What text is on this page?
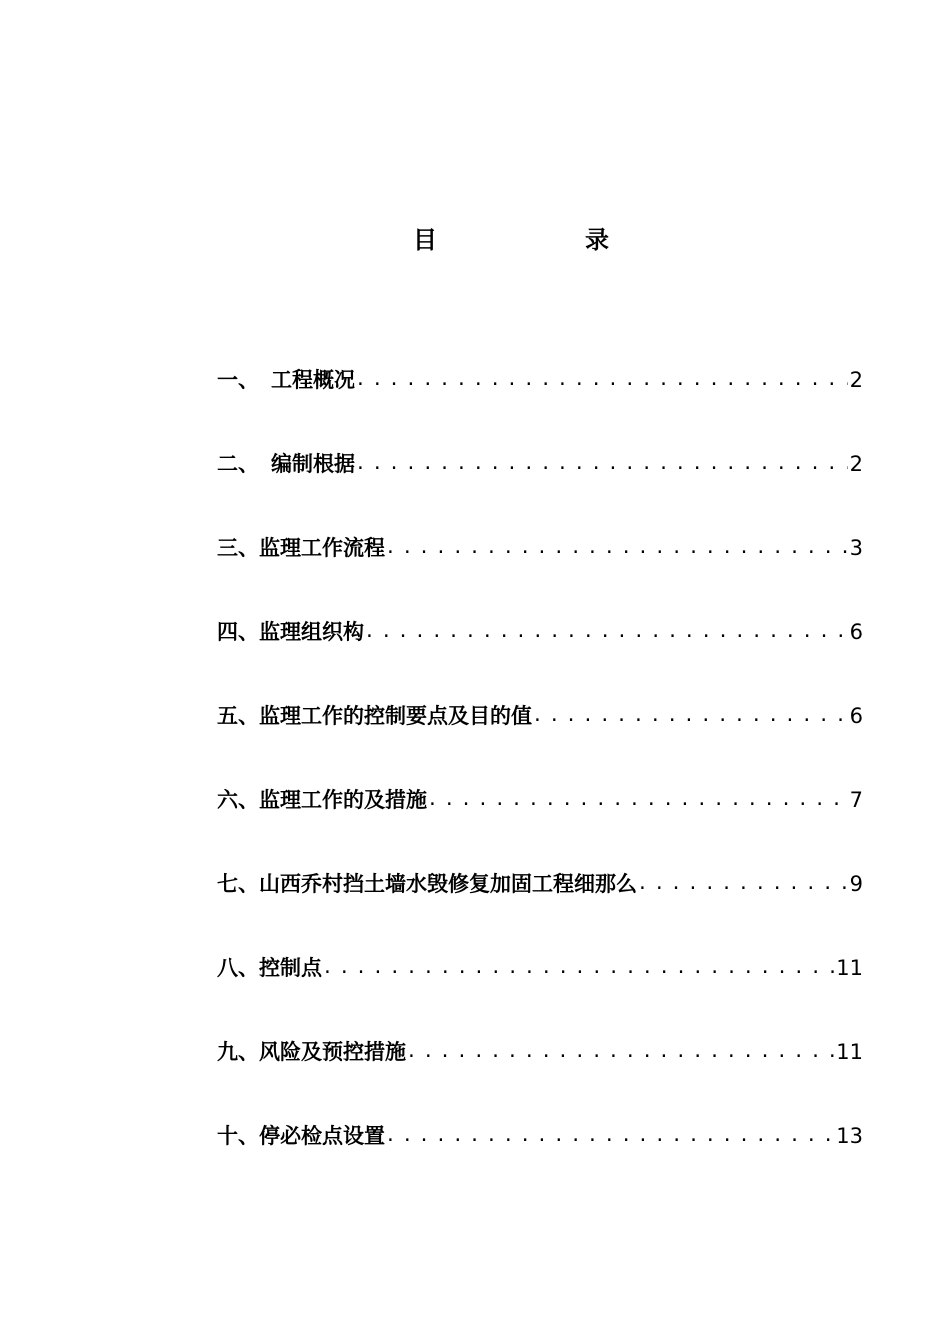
目	录
一、 工程概况 .....	2
二、 编制根据 .....	2
三、 监理工作流程 .....	3
四、 监理组织构 .....	6
五、 监理工作的控制要点及目的值 .....	6
六、 监理工作的及措施 .....	7
七、 山西乔村挡土墙水毁修复加固工程细那么 .....	9
八、 控制点 .....	11
九、 风险及预控措施 .....	11
十、 停必检点设置 .....	13
